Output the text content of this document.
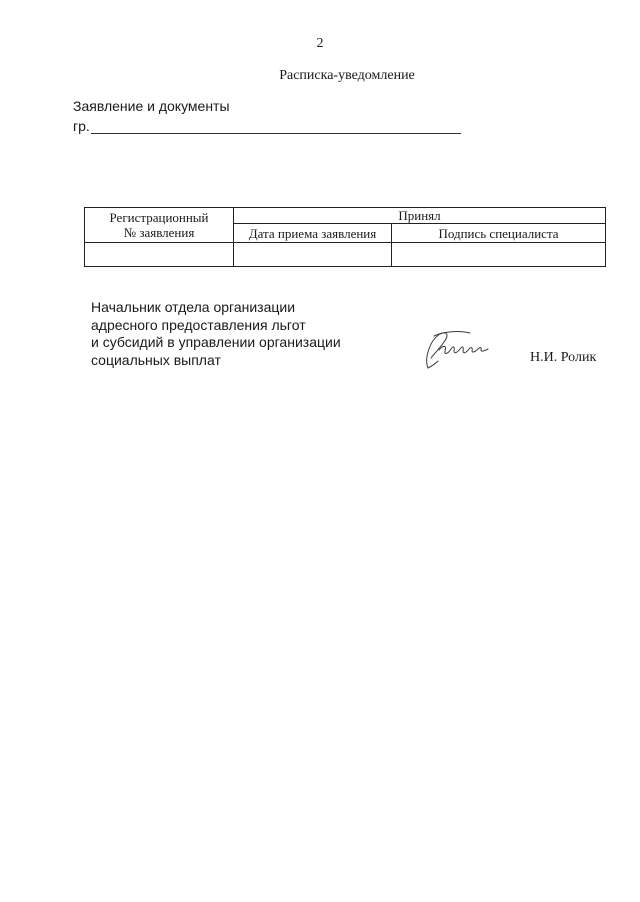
2
Расписка-уведомление
Заявление и документы
гр.
Регистрационный
№ заявления	Принял	
	Дата приема заявления	Подпись специалиста

Начальник отдела организации
адресного предоставления льгот
и субсидий в управлении организации
социальных выплат	Н.И. Ролик
